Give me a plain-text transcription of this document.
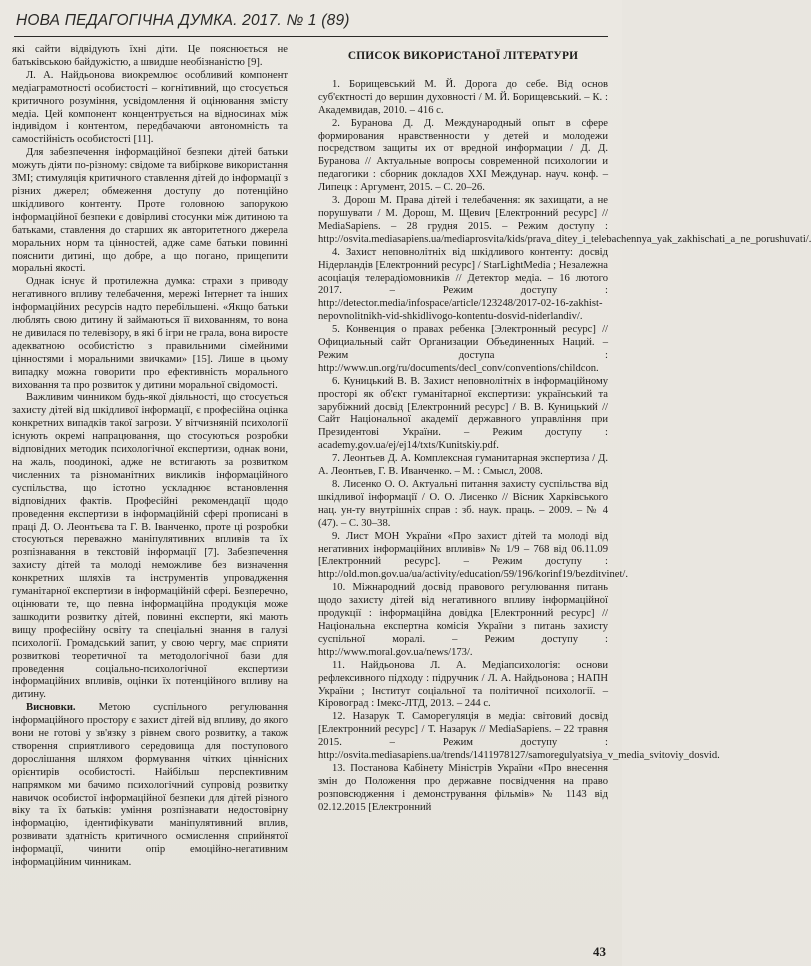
НОВА ПЕДАГОГІЧНА ДУМКА. 2017. № 1 (89)

які сайти відвідують їхні діти. Це пояснюється не батьківською байдужістю, а швидше необізнаністю [9].

Л. А. Найдьонова виокремлює особливий компонент медіаграмотності особистості – когнітивний, що стосується критичного розуміння, усвідомлення й оцінювання змісту медіа. Цей компонент концентрується на відносинах між індивідом і контентом, передбачаючи автономність та самостійність особистості [11].

Для забезпечення інформаційної безпеки дітей батьки можуть діяти по-різному: свідоме та вибіркове використання ЗМІ; стимуляція критичного ставлення дітей до інформації з різних джерел; обмеження доступу до потенційно шкідливого контенту. Проте головною запорукою інформаційної безпеки є довірливі стосунки між дитиною та батьками, ставлення до старших як авторитетного джерела моральних норм та цінностей, адже саме батьки повинні пояснити дитині, що добре, а що погано, прищепити моральні якості.

Однак існує й протилежна думка: страхи з приводу негативного впливу телебачення, мережі Інтернет та інших інформаційних ресурсів надто перебільшені. «Якщо батьки люблять свою дитину й займаються її вихованням, то вона не дивилася по телевізору, в які б ігри не грала, вона виросте адекватною особистістю з правильними сімейними цінностями і моральними звичками» [15]. Лише в цьому випадку можна говорити про ефективність морального виховання та про розвиток у дитини моральної свідомості.

Важливим чинником будь-якої діяльності, що стосується захисту дітей від шкідливої інформації, є професійна оцінка конкретних випадків такої загрози. У вітчизняній психології існують окремі напрацювання, що стосуються розробки відповідних методик психологічної експертизи, однак вони, на жаль, поодинокі, адже не встигають за розвитком численних та різноманітних викликів інформаційного суспільства, що істотно ускладнює встановлення відповідних фактів. Професійні рекомендації щодо проведення експертизи в інформаційній сфері прописані в праці Д. О. Леонтьєва та Г. В. Іванченко, проте ці розробки стосуються переважно маніпулятивних впливів та їх розпізнавання в текстовій інформації [7]. Забезпечення захисту дітей та молоді неможливе без визначення конкретних шляхів та інструментів упровадження гуманітарної експертизи в інформаційній сфері. Безперечно, оцінювати те, що певна інформаційна продукція може зашкодити розвитку дітей, повинні експерти, які мають вищу професійну освіту та спеціальні знання в галузі психології. Громадський запит, у свою чергу, має сприяти розвиткові теоретичної та методологічної бази для проведення соціально-психологічної експертизи інформаційних впливів, оцінки їх потенційного впливу на дитину.

Висновки. Метою суспільного регулювання інформаційного простору є захист дітей від впливу, до якого вони не готові у зв'язку з рівнем свого розвитку, а також створення сприятливого середовища для поступового дорослішання шляхом формування чітких ціннісних орієнтирів особистості. Найбільш перспективним напрямком ми бачимо психологічний супровід розвитку навичок особистої інформаційної безпеки для дітей різного віку та їх батьків: уміння розпізнавати недостовірну інформацію, ідентифікувати маніпулятивний вплив, розвивати здатність критичного осмислення сприйнятої інформації, чинити опір емоційно-негативним інформаційним чинникам.

СПИСОК ВИКОРИСТАНОЇ ЛІТЕРАТУРИ

1. Борищевський М. Й. Дорога до себе. Від основ суб'єктності до вершин духовності / М. Й. Борищевський. – К. : Академвидав, 2010. – 416 с.

2. Буранова Д. Д. Международный опыт в сфере формирования нравственности у детей и молодежи посредством защиты их от вредной информации / Д. Д. Буранова // Актуальные вопросы современной психологии и педагогики : сборник докладов XXI Междунар. науч. конф. – Липецк : Аргумент, 2015. – С. 20–26.

3. Дорош М. Права дітей і телебачення: як захищати, а не порушувати / М. Дорош, М. Щевич [Електронний ресурс] // MediaSapiens. – 28 грудня 2015. – Режим доступу : http://osvita.mediasapiens.ua/mediaprosvita/kids/prava_ditey_i_telebachennya_yak_zakhischati_a_ne_porushuvati/.

4. Захист неповнолітніх від шкідливого контенту: досвід Нідерландів [Електронний ресурс] / StarLightMedia ; Незалежна асоціація телерадіомовників // Детектор медіа. – 16 лютого 2017. – Режим доступу : http://detector.media/infospace/article/123248/2017-02-16-zakhist-nepovnolitnikh-vid-shkidlivogo-kontentu-dosvid-niderlandiv/.

5. Конвенция о правах ребенка [Электронный ресурс] // Официальный сайт Организации Объединенных Наций. – Режим доступа : http://www.un.org/ru/documents/decl_conv/conventions/childcon.

6. Куницький В. В. Захист неповнолітніх в інформаційному просторі як об'єкт гуманітарної експертизи: український та зарубіжний досвід [Електронний ресурс] / В. В. Куницький // Сайт Національної академії державного управління при Президентові України. – Режим доступу : academy.gov.ua/ej/ej14/txts/Kunitskiy.pdf.

7. Леонтьев Д. А. Комплексная гуманитарная экспертиза / Д. А. Леонтьев, Г. В. Иванченко. – М. : Смысл, 2008.

8. Лисенко О. О. Актуальні питання захисту суспільства від шкідливої інформації / О. О. Лисенко // Вісник Харківського нац. ун-ту внутрішніх справ : зб. наук. праць. – 2009. – № 4 (47). – С. 30–38.

9. Лист МОН України «Про захист дітей та молоді від негативних інформаційних впливів» № 1/9 – 768 від 06.11.09 [Електронний ресурс]. – Режим доступу : http://old.mon.gov.ua/ua/activity/education/59/196/korinf19/bezditvinet/.

10. Міжнародний досвід правового регулювання питань щодо захисту дітей від негативного впливу інформаційної продукції : інформаційна довідка [Електронний ресурс] // Національна експертна комісія України з питань захисту суспільної моралі. – Режим доступу : http://www.moral.gov.ua/news/173/.

11. Найдьонова Л. А. Медіапсихологія: основи рефлексивного підходу : підручник / Л. А. Найдьонова ; НАПН України ; Інститут соціальної та політичної психології. – Кіровоград : Імекс-ЛТД, 2013. – 244 с.

12. Назарук Т. Саморегуляція в медіа: світовий досвід [Електронний ресурс] / Т. Назарук // MediaSapiens. – 22 травня 2015. – Режим доступу : http://osvita.mediasapiens.ua/trends/1411978127/samoregulyatsiya_v_media_svitoviy_dosvid.

13. Постанова Кабінету Міністрів України «Про внесення змін до Положення про державне посвідчення на право розповсюдження і демонстрування фільмів» № 1143 від 02.12.2015 [Електронний

43
